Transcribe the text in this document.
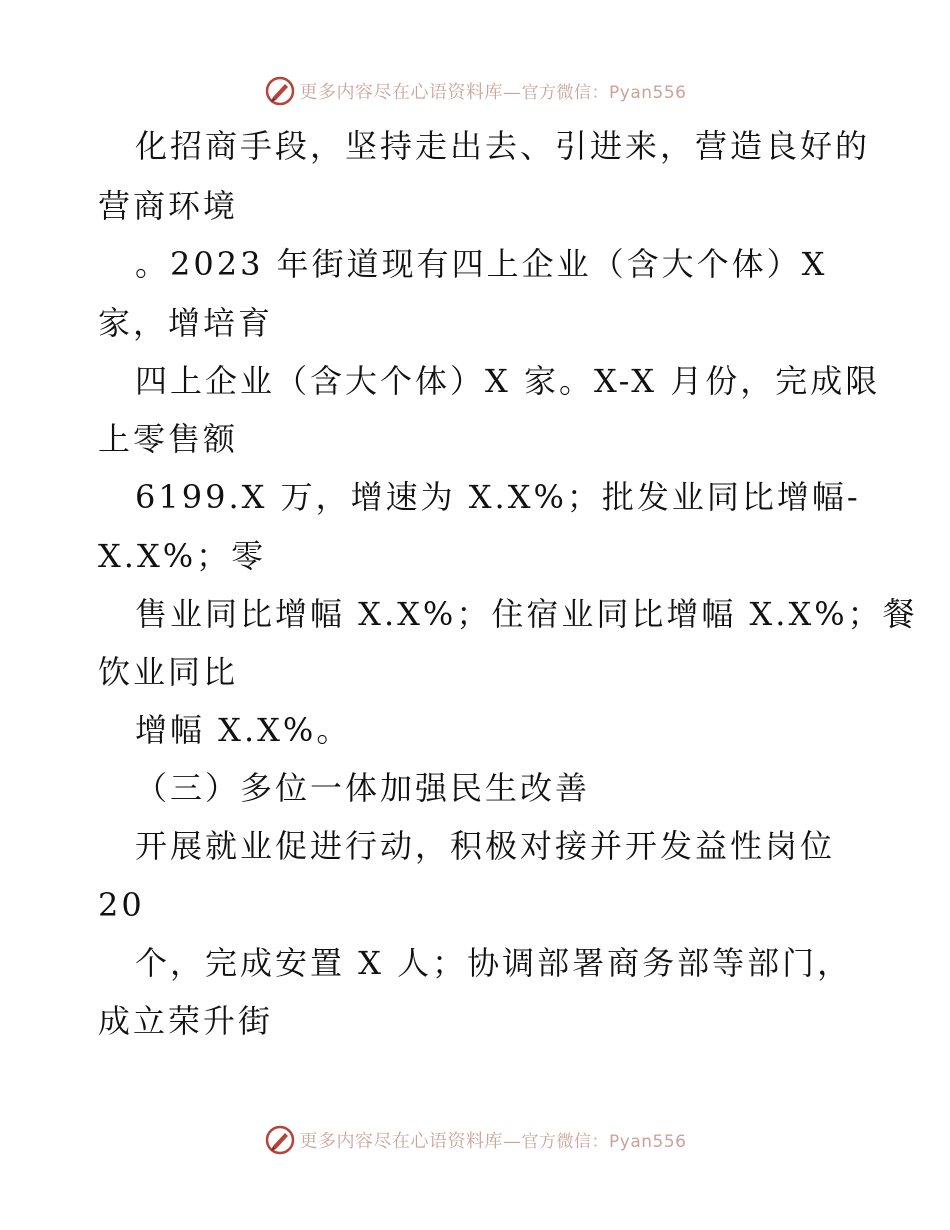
更多内容尽在心语资料库—官方微信：Pyan556
化招商手段，坚持走出去、引进来，营造良好的
营商环境
。2023 年街道现有四上企业（含大个体）X
家，增培育
四上企业（含大个体）X 家。X-X 月份，完成限
上零售额
6199.X 万，增速为 X.X%；批发业同比增幅-
X.X%；零
售业同比增幅 X.X%；住宿业同比增幅 X.X%；餐
饮业同比
增幅 X.X%。
（三）多位一体加强民生改善
开展就业促进行动，积极对接并开发益性岗位
20
个，完成安置 X 人；协调部署商务部等部门，
成立荣升街
更多内容尽在心语资料库—官方微信：Pyan556
